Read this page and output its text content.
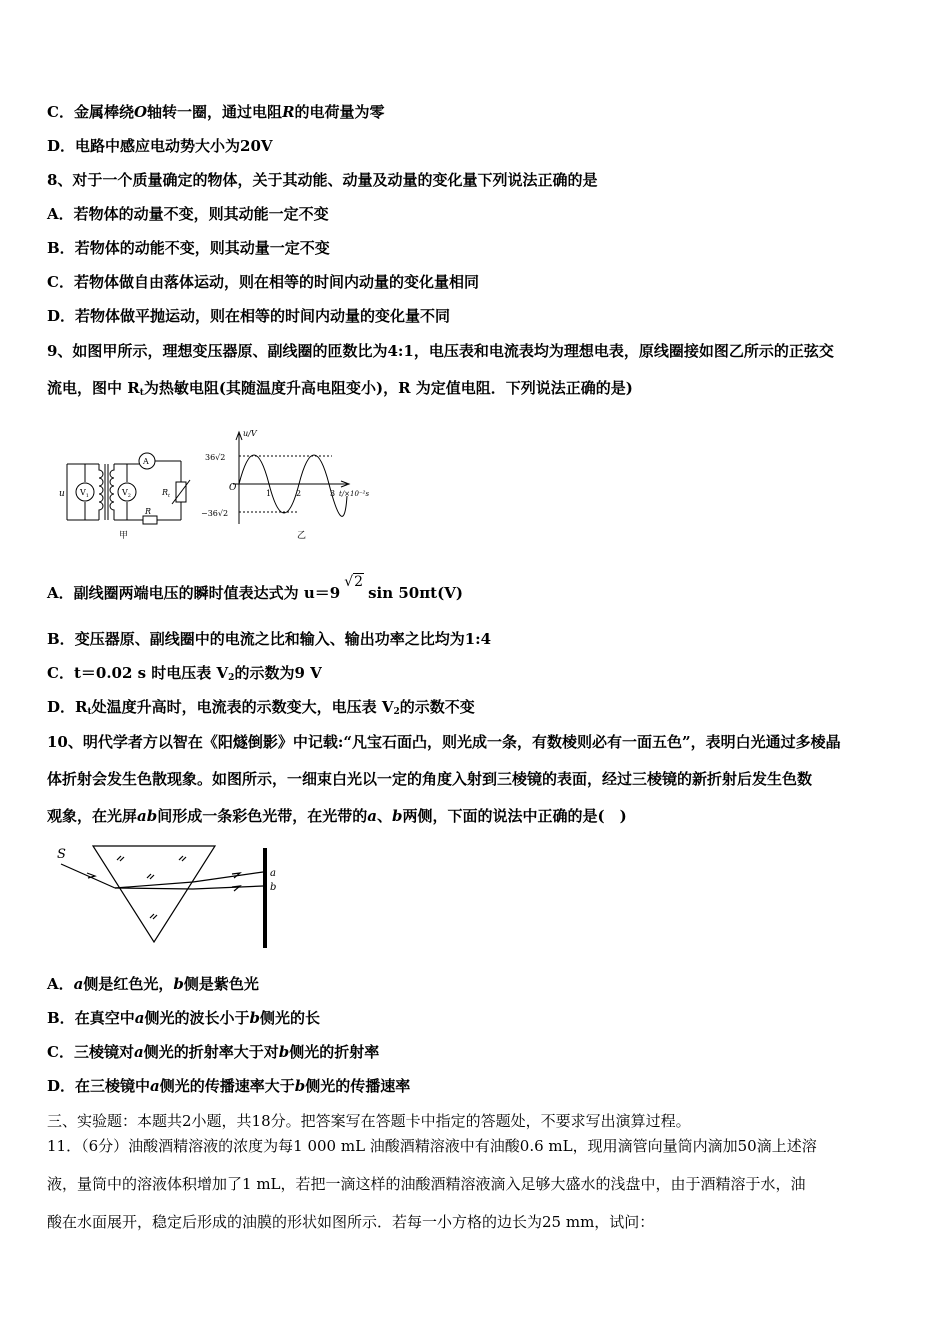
C．金属棒绕O轴转一圈，通过电阻R的电荷量为零
D．电路中感应电动势大小为20V
8、对于一个质量确定的物体，关于其动能、动量及动量的变化量下列说法正确的是
A．若物体的动量不变，则其动能一定不变
B．若物体的动能不变，则其动量一定不变
C．若物体做自由落体运动，则在相等的时间内动量的变化量相同
D．若物体做平抛运动，则在相等的时间内动量的变化量不同
9、如图甲所示，理想变压器原、副线圈的匝数比为4:1，电压表和电流表均为理想电表，原线圈接如图乙所示的正弦交
流电，图中 $R_t$为热敏电阻(其随温度升高电阻变小)，R 为定值电阻．下列说法正确的是)
u $V_1$	$V_2$
A
$R_t$
R
甲
u/V
36√2
−36√2
O
1	2	3 t/×10⁻²s
乙
A．副线圈两端电压的瞬时值表达式为 u＝9√2sin 50πt(V)
B．变压器原、副线圈中的电流之比和输入、输出功率之比均为1:4
C．t＝0.02 s 时电压表 $V_2$的示数为9 V
D．$R_t$处温度升高时，电流表的示数变大，电压表 $V_2$的示数不变
10、明代学者方以智在《阳燧倒影》中记载:“凡宝石面凸，则光成一条，有数棱则必有一面五色”，表明白光通过多棱晶
体折射会发生色散现象。如图所示，一细束白光以一定的角度入射到三棱镜的表面，经过三棱镜的新折射后发生色数
观象，在光屏ab间形成一条彩色光带，在光带的a、b两侧，下面的说法中正确的是(　)
S
a
b
A．a侧是红色光，b侧是紫色光
B．在真空中a侧光的波长小于b侧光的长
C．三棱镜对a侧光的折射率大于对b侧光的折射率
D．在三棱镜中a侧光的传播速率大于b侧光的传播速率
三、实验题：本题共2小题，共18分。把答案写在答题卡中指定的答题处，不要求写出演算过程。
11．（6分）油酸酒精溶液的浓度为每1 000 mL 油酸酒精溶液中有油酸0.6 mL，现用滴管向量筒内滴加50滴上述溶
液，量筒中的溶液体积增加了1 mL，若把一滴这样的油酸酒精溶液滴入足够大盛水的浅盘中，由于酒精溶于水，油
酸在水面展开，稳定后形成的油膜的形状如图所示．若每一小方格的边长为25 mm，试问：
